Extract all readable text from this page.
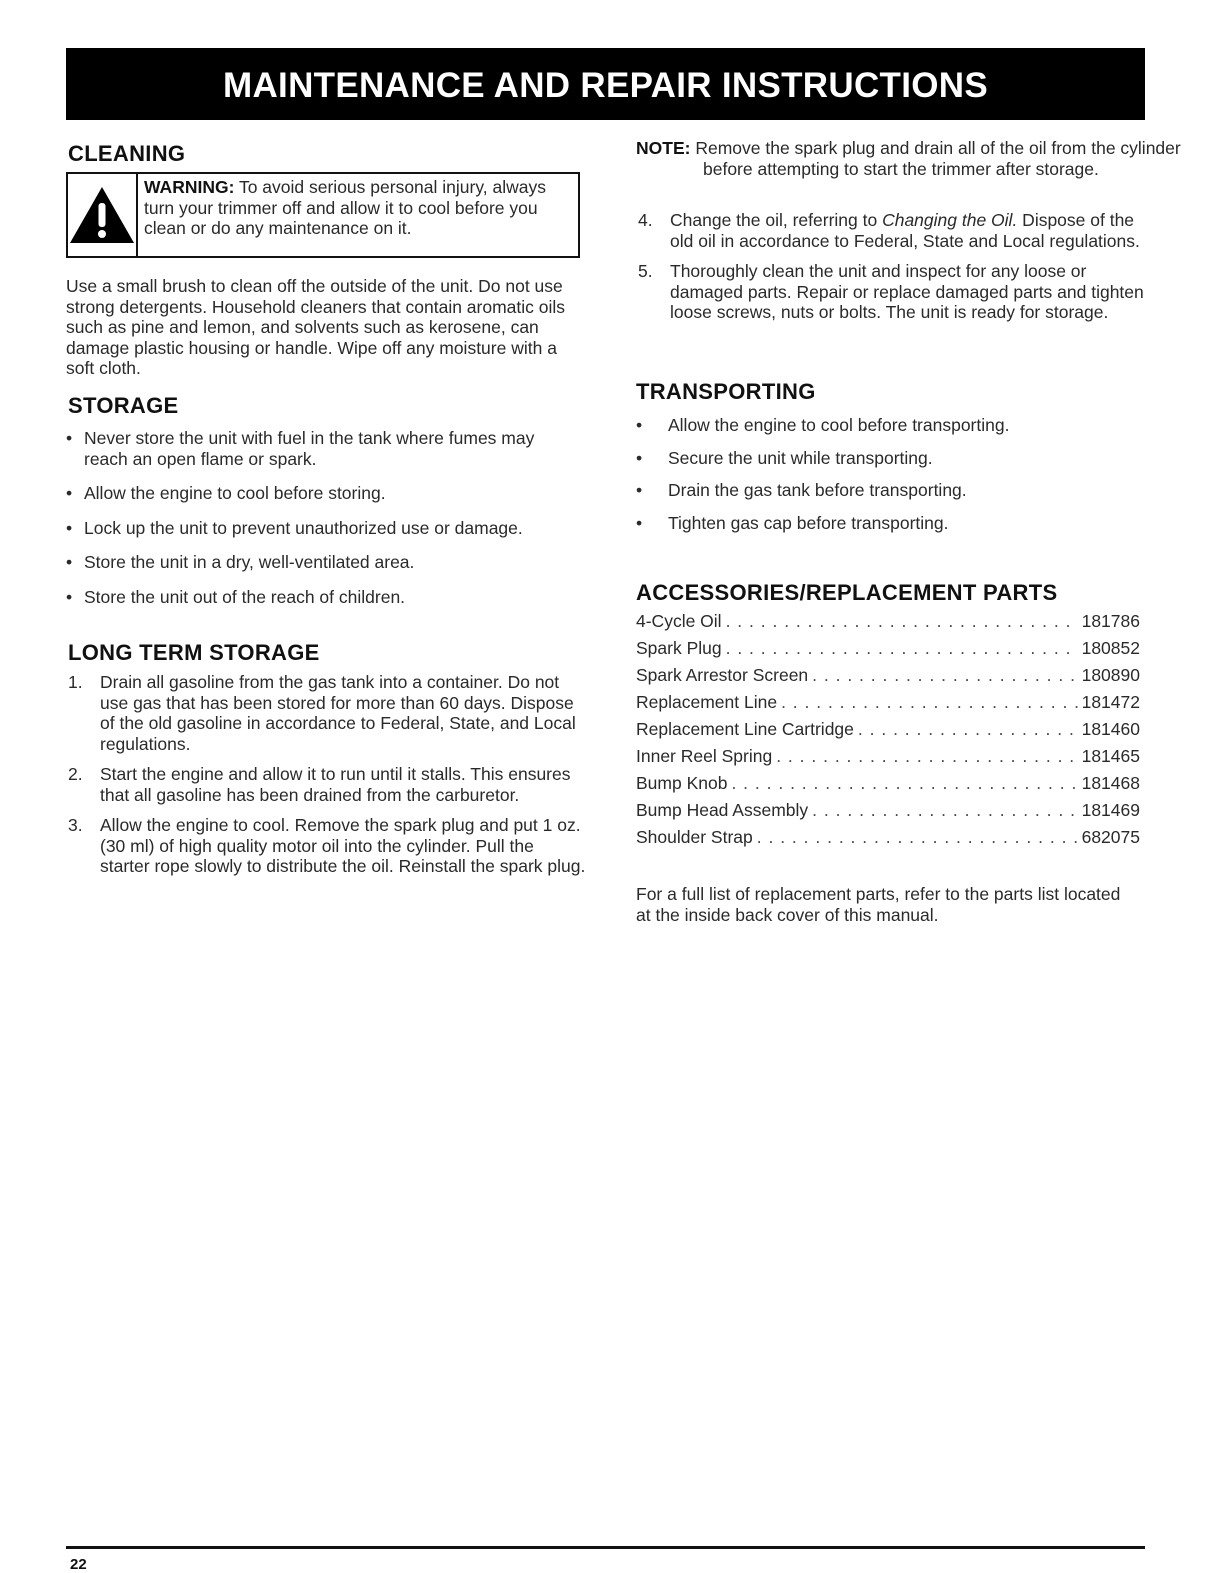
MAINTENANCE AND REPAIR INSTRUCTIONS
CLEANING
WARNING: To avoid serious personal injury, always turn your trimmer off and allow it to cool before you clean or do any maintenance on it.
Use a small brush to clean off the outside of the unit. Do not use strong detergents. Household cleaners that contain aromatic oils such as pine and lemon, and solvents such as kerosene, can damage plastic housing or handle. Wipe off any moisture with a soft cloth.
STORAGE
• Never store the unit with fuel in the tank where fumes may reach an open flame or spark.
• Allow the engine to cool before storing.
• Lock up the unit to prevent unauthorized use or damage.
• Store the unit in a dry, well-ventilated area.
• Store the unit out of the reach of children.
LONG TERM STORAGE
1. Drain all gasoline from the gas tank into a container. Do not use gas that has been stored for more than 60 days. Dispose of the old gasoline in accordance to Federal, State, and Local regulations.
2. Start the engine and allow it to run until it stalls. This ensures that all gasoline has been drained from the carburetor.
3. Allow the engine to cool. Remove the spark plug and put 1 oz. (30 ml) of high quality motor oil into the cylinder. Pull the starter rope slowly to distribute the oil. Reinstall the spark plug.
NOTE: Remove the spark plug and drain all of the oil from the cylinder before attempting to start the trimmer after storage.
4. Change the oil, referring to Changing the Oil. Dispose of the old oil in accordance to Federal, State and Local regulations.
5. Thoroughly clean the unit and inspect for any loose or damaged parts. Repair or replace damaged parts and tighten loose screws, nuts or bolts. The unit is ready for storage.
TRANSPORTING
• Allow the engine to cool before transporting.
• Secure the unit while transporting.
• Drain the gas tank before transporting.
• Tighten gas cap before transporting.
ACCESSORIES/REPLACEMENT PARTS
4-Cycle Oil . . .	181786
Spark Plug . . .	180852
Spark Arrestor Screen . . .	180890
Replacement Line . . .	181472
Replacement Line Cartridge . . .	181460
Inner Reel Spring . . .	181465
Bump Knob . . .	181468
Bump Head Assembly . . .	181469
Shoulder Strap . . .	682075
For a full list of replacement parts, refer to the parts list located at the inside back cover of this manual.
22
